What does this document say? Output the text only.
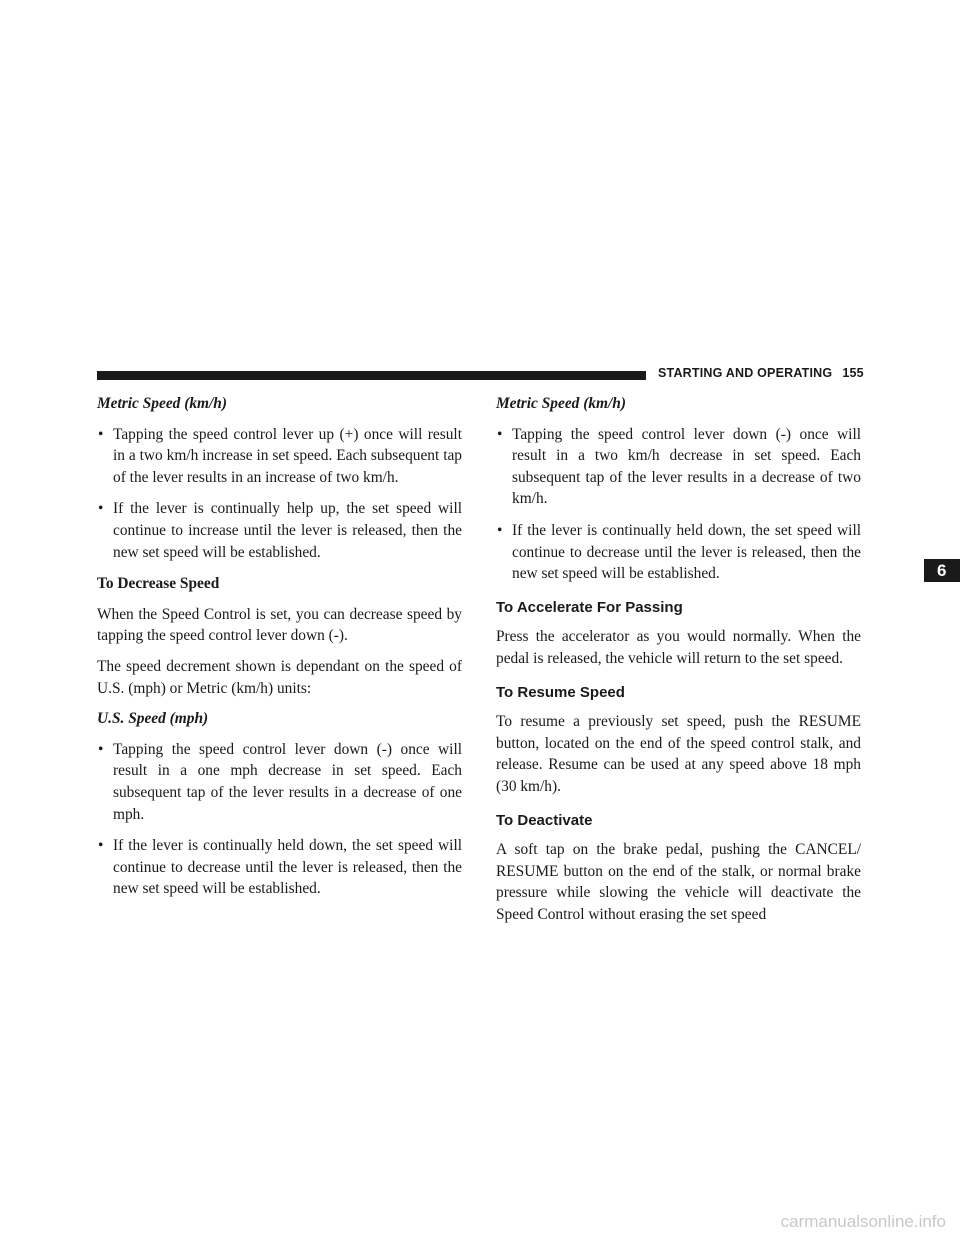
STARTING AND OPERATING 155

Metric Speed (km/h)

• Tapping the speed control lever up (+) once will result in a two km/h increase in set speed. Each subsequent tap of the lever results in an increase of two km/h.
• If the lever is continually help up, the set speed will continue to increase until the lever is released, then the new set speed will be established.

To Decrease Speed

When the Speed Control is set, you can decrease speed by tapping the speed control lever down (-).

The speed decrement shown is dependant on the speed of U.S. (mph) or Metric (km/h) units:

U.S. Speed (mph)

• Tapping the speed control lever down (-) once will result in a one mph decrease in set speed. Each subsequent tap of the lever results in a decrease of one mph.
• If the lever is continually held down, the set speed will continue to decrease until the lever is released, then the new set speed will be established.

Metric Speed (km/h)

• Tapping the speed control lever down (-) once will result in a two km/h decrease in set speed. Each subsequent tap of the lever results in a decrease of two km/h.
• If the lever is continually held down, the set speed will continue to decrease until the lever is released, then the new set speed will be established.
To Accelerate For Passing

Press the accelerator as you would normally. When the pedal is released, the vehicle will return to the set speed.

To Resume Speed

To resume a previously set speed, push the RESUME button, located on the end of the speed control stalk, and release. Resume can be used at any speed above 18 mph (30 km/h).

To Deactivate

A soft tap on the brake pedal, pushing the CANCEL/ RESUME button on the end of the stalk, or normal brake pressure while slowing the vehicle will deactivate the Speed Control without erasing the set speed

6
carmanualsonline.info
